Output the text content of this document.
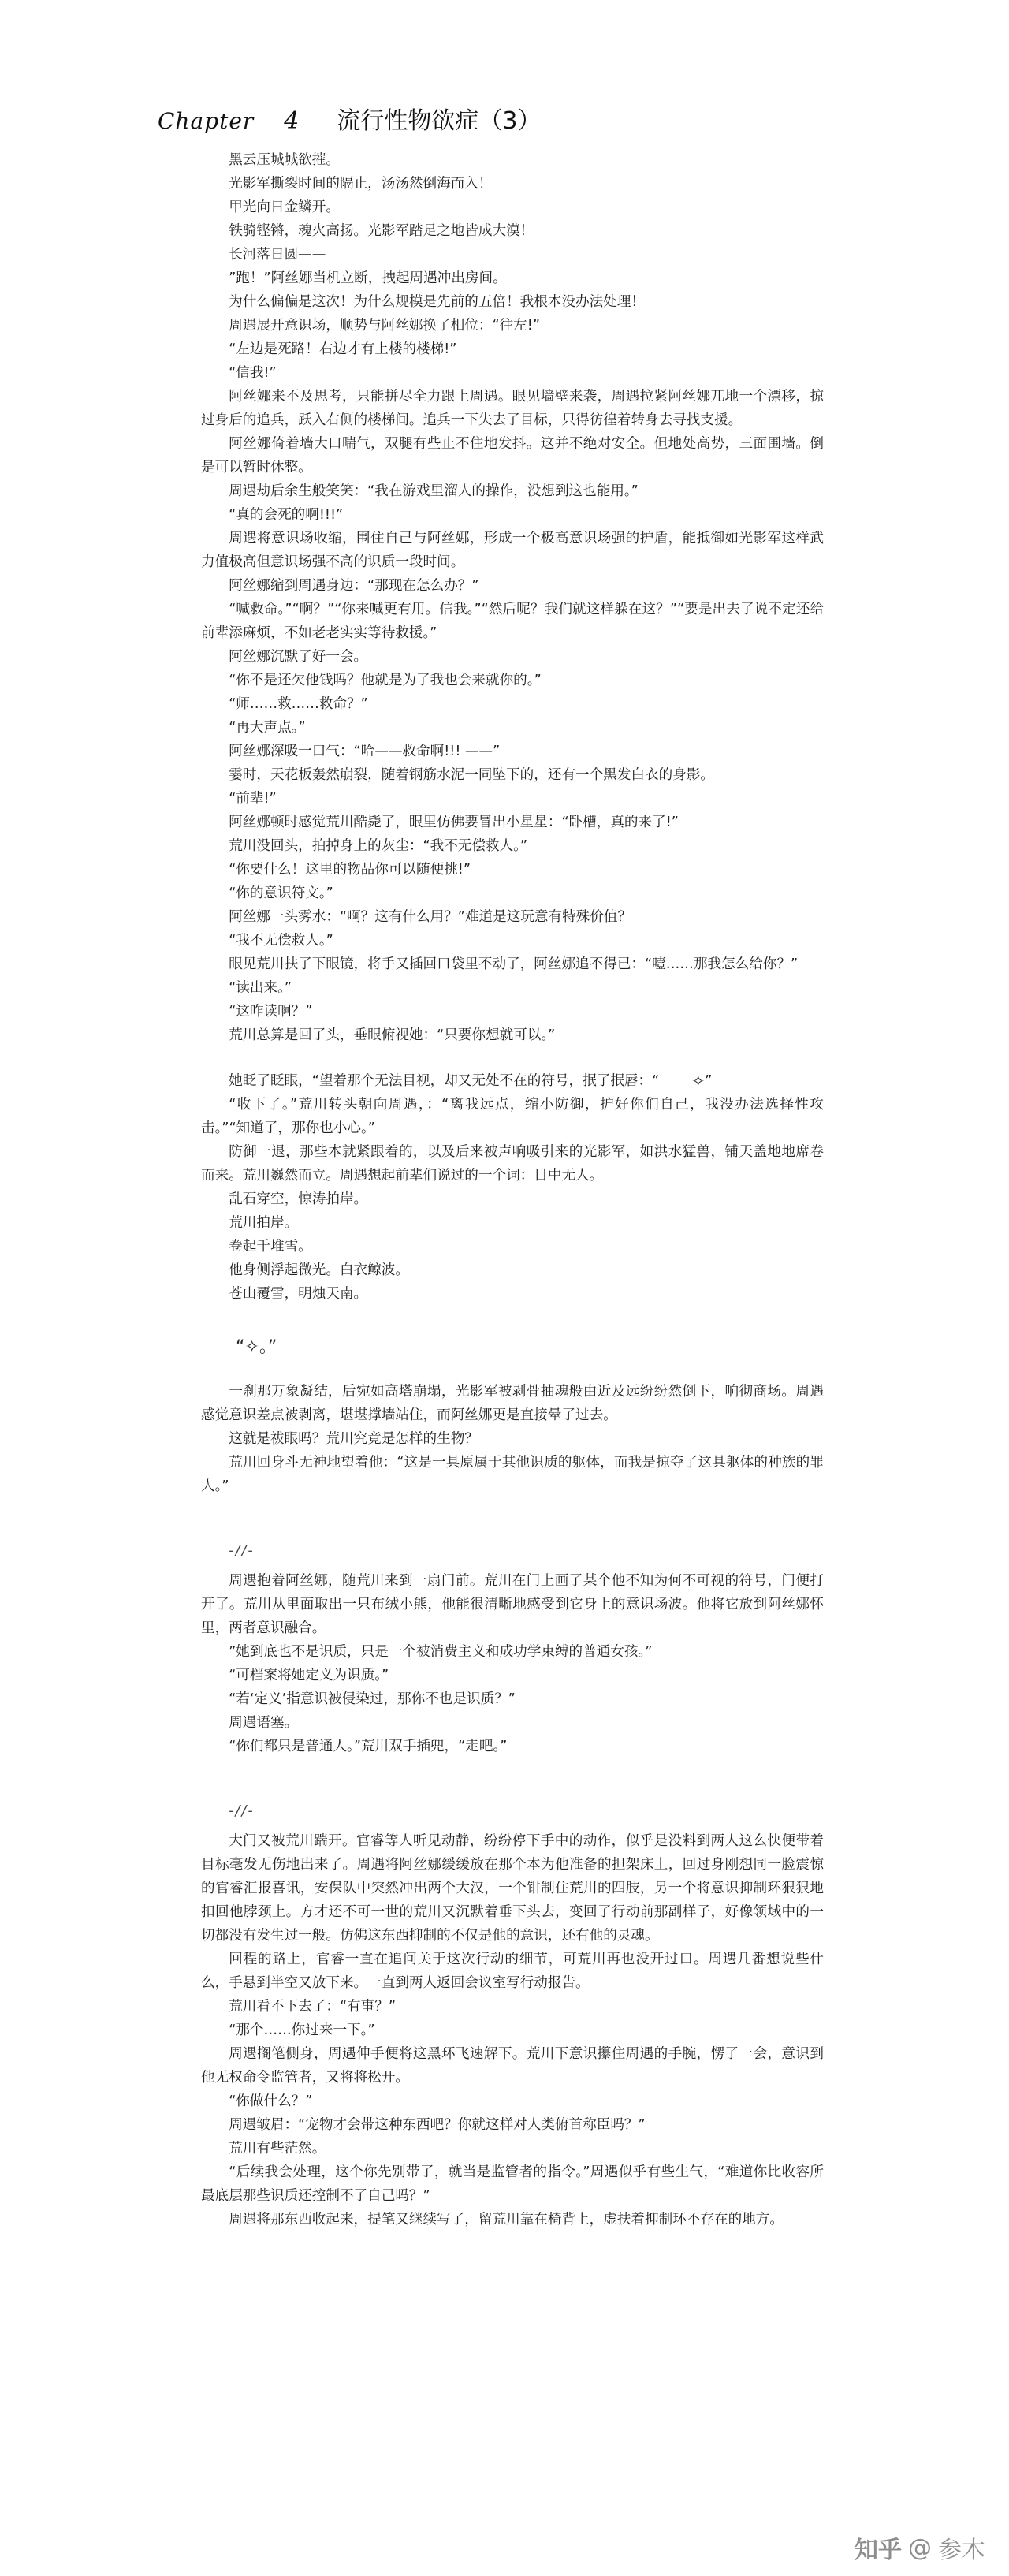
Chapter 4 流行性物欲症（3）

黑云压城城欲摧。

光影军撕裂时间的隔止，汤汤然倒海而入！

甲光向日金鳞开。

铁骑铿锵，魂火高扬。光影军踏足之地皆成大漠！

长河落日圆——

”跑！”阿丝娜当机立断，拽起周遇冲出房间。

为什么偏偏是这次！为什么规模是先前的五倍！我根本没办法处理！

周遇展开意识场，顺势与阿丝娜换了相位：“往左!”

“左边是死路！右边才有上楼的楼梯!”

“信我!”

阿丝娜来不及思考，只能拼尽全力跟上周遇。眼见墙壁来袭，周遇拉紧阿丝娜兀地一个漂移，掠过身后的追兵，跃入右侧的楼梯间。追兵一下失去了目标，只得彷徨着转身去寻找支援。

阿丝娜倚着墙大口喘气，双腿有些止不住地发抖。这并不绝对安全。但地处高势，三面围墙。倒是可以暂时休整。

周遇劫后余生般笑笑：“我在游戏里溜人的操作，没想到这也能用。”

“真的会死的啊!!!”

周遇将意识场收缩，围住自己与阿丝娜，形成一个极高意识场强的护盾，能抵御如光影军这样武力值极高但意识场强不高的识质一段时间。

阿丝娜缩到周遇身边：“那现在怎么办？”

“喊救命。”“啊？”“你来喊更有用。信我。”“然后呢？我们就这样躲在这？”“要是出去了说不定还给前辈添麻烦，不如老老实实等待救援。”

阿丝娜沉默了好一会。

“你不是还欠他钱吗？他就是为了我也会来就你的。”

“师……救……救命？”

“再大声点。”

阿丝娜深吸一口气：“哈——救命啊!!! ——”

霎时，天花板轰然崩裂，随着钢筋水泥一同坠下的，还有一个黑发白衣的身影。

“前辈!”

阿丝娜顿时感觉荒川酷毙了，眼里仿佛要冒出小星星：“卧槽，真的来了!”

荒川没回头，拍掉身上的灰尘：“我不无偿救人。”

“你要什么！这里的物品你可以随便挑!”

“你的意识符文。”

阿丝娜一头雾水：“啊？这有什么用？”难道是这玩意有特殊价值？

“我不无偿救人。”

眼见荒川扶了下眼镜，将手又插回口袋里不动了，阿丝娜追不得已：“噎……那我怎么给你？”

“读出来。”

“这咋读啊？”

荒川总算是回了头，垂眼俯视她：“只要你想就可以。”

她眨了眨眼，“望着那个无法目视，却又无处不在的符号，抿了抿唇：“ ✧”

“收下了。”荒川转头朝向周遇，：“离我远点，缩小防御，护好你们自己，我没办法选择性攻击。”“知道了，那你也小心。”

防御一退，那些本就紧跟着的，以及后来被声响吸引来的光影军，如洪水猛兽，铺天盖地地席卷而来。荒川巍然而立。周遇想起前辈们说过的一个词：目中无人。

乱石穿空，惊涛拍岸。

荒川拍岸。

卷起千堆雪。

他身侧浮起微光。白衣鲸波。

苍山覆雪，明烛天南。

“✧。”

一刹那万象凝结，后宛如高塔崩塌，光影军被剥骨抽魂般由近及远纷纷然倒下，响彻商场。周遇感觉意识差点被剥离，堪堪撑墙站住，而阿丝娜更是直接晕了过去。

这就是祓眼吗？荒川究竟是怎样的生物？

荒川回身斗无神地望着他：“这是一具原属于其他识质的躯体，而我是掠夺了这具躯体的种族的罪人。”

-//-

周遇抱着阿丝娜，随荒川来到一扇门前。荒川在门上画了某个他不知为何不可视的符号，门便打开了。荒川从里面取出一只布绒小熊，他能很清晰地感受到它身上的意识场波。他将它放到阿丝娜怀里，两者意识融合。

”她到底也不是识质，只是一个被消费主义和成功学束缚的普通女孩。”

“可档案将她定义为识质。”

“若‘定义’指意识被侵染过，那你不也是识质？”

周遇语塞。

“你们都只是普通人。”荒川双手插兜，“走吧。”

-//-

大门又被荒川踹开。官睿等人听见动静，纷纷停下手中的动作，似乎是没料到两人这么快便带着目标毫发无伤地出来了。周遇将阿丝娜缓缓放在那个本为他准备的担架床上，回过身刚想同一脸震惊的官睿汇报喜讯，安保队中突然冲出两个大汉，一个钳制住荒川的四肢，另一个将意识抑制环狠狠地扣回他脖颈上。方才还不可一世的荒川又沉默着垂下头去，变回了行动前那副样子，好像领域中的一切都没有发生过一般。仿佛这东西抑制的不仅是他的意识，还有他的灵魂。

回程的路上，官睿一直在追问关于这次行动的细节，可荒川再也没开过口。周遇几番想说些什么，手悬到半空又放下来。一直到两人返回会议室写行动报告。

荒川看不下去了：“有事？”

“那个……你过来一下。”

周遇搁笔侧身，周遇伸手便将这黑环飞速解下。荒川下意识攥住周遇的手腕，愣了一会，意识到他无权命令监管者，又将将松开。

“你做什么？”

周遇皱眉：“宠物才会带这种东西吧？你就这样对人类俯首称臣吗？”

荒川有些茫然。

“后续我会处理，这个你先别带了，就当是监管者的指令。”周遇似乎有些生气，“难道你比收容所最底层那些识质还控制不了自己吗？”

周遇将那东西收起来，提笔又继续写了，留荒川靠在椅背上，虚扶着抑制环不存在的地方。

知乎 @ 参木
